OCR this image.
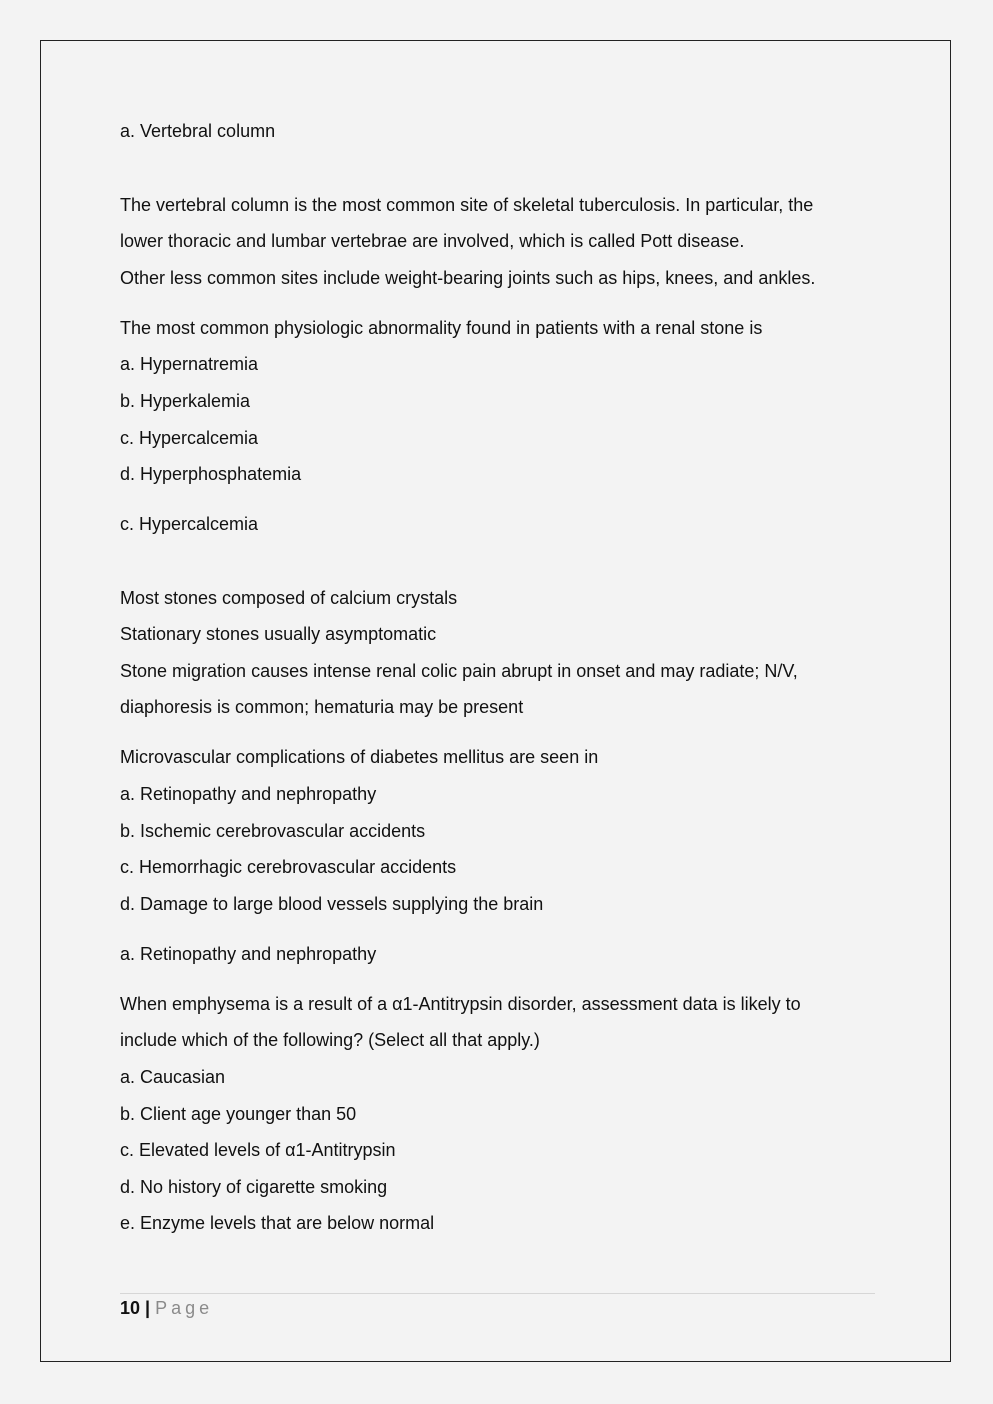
a. Vertebral column
The vertebral column is the most common site of skeletal tuberculosis. In particular, the
lower thoracic and lumbar vertebrae are involved, which is called Pott disease.
Other less common sites include weight-bearing joints such as hips, knees, and ankles.
The most common physiologic abnormality found in patients with a renal stone is
a. Hypernatremia
b. Hyperkalemia
c. Hypercalcemia
d. Hyperphosphatemia
c. Hypercalcemia
Most stones composed of calcium crystals
Stationary stones usually asymptomatic
Stone migration causes intense renal colic pain abrupt in onset and may radiate; N/V,
diaphoresis is common; hematuria may be present
Microvascular complications of diabetes mellitus are seen in
a. Retinopathy and nephropathy
b. Ischemic cerebrovascular accidents
c. Hemorrhagic cerebrovascular accidents
d. Damage to large blood vessels supplying the brain
a. Retinopathy and nephropathy
When emphysema is a result of a α1-Antitrypsin disorder, assessment data is likely to
include which of the following? (Select all that apply.)
a. Caucasian
b. Client age younger than 50
c. Elevated levels of α1-Antitrypsin
d. No history of cigarette smoking
e. Enzyme levels that are below normal
10 | Page
